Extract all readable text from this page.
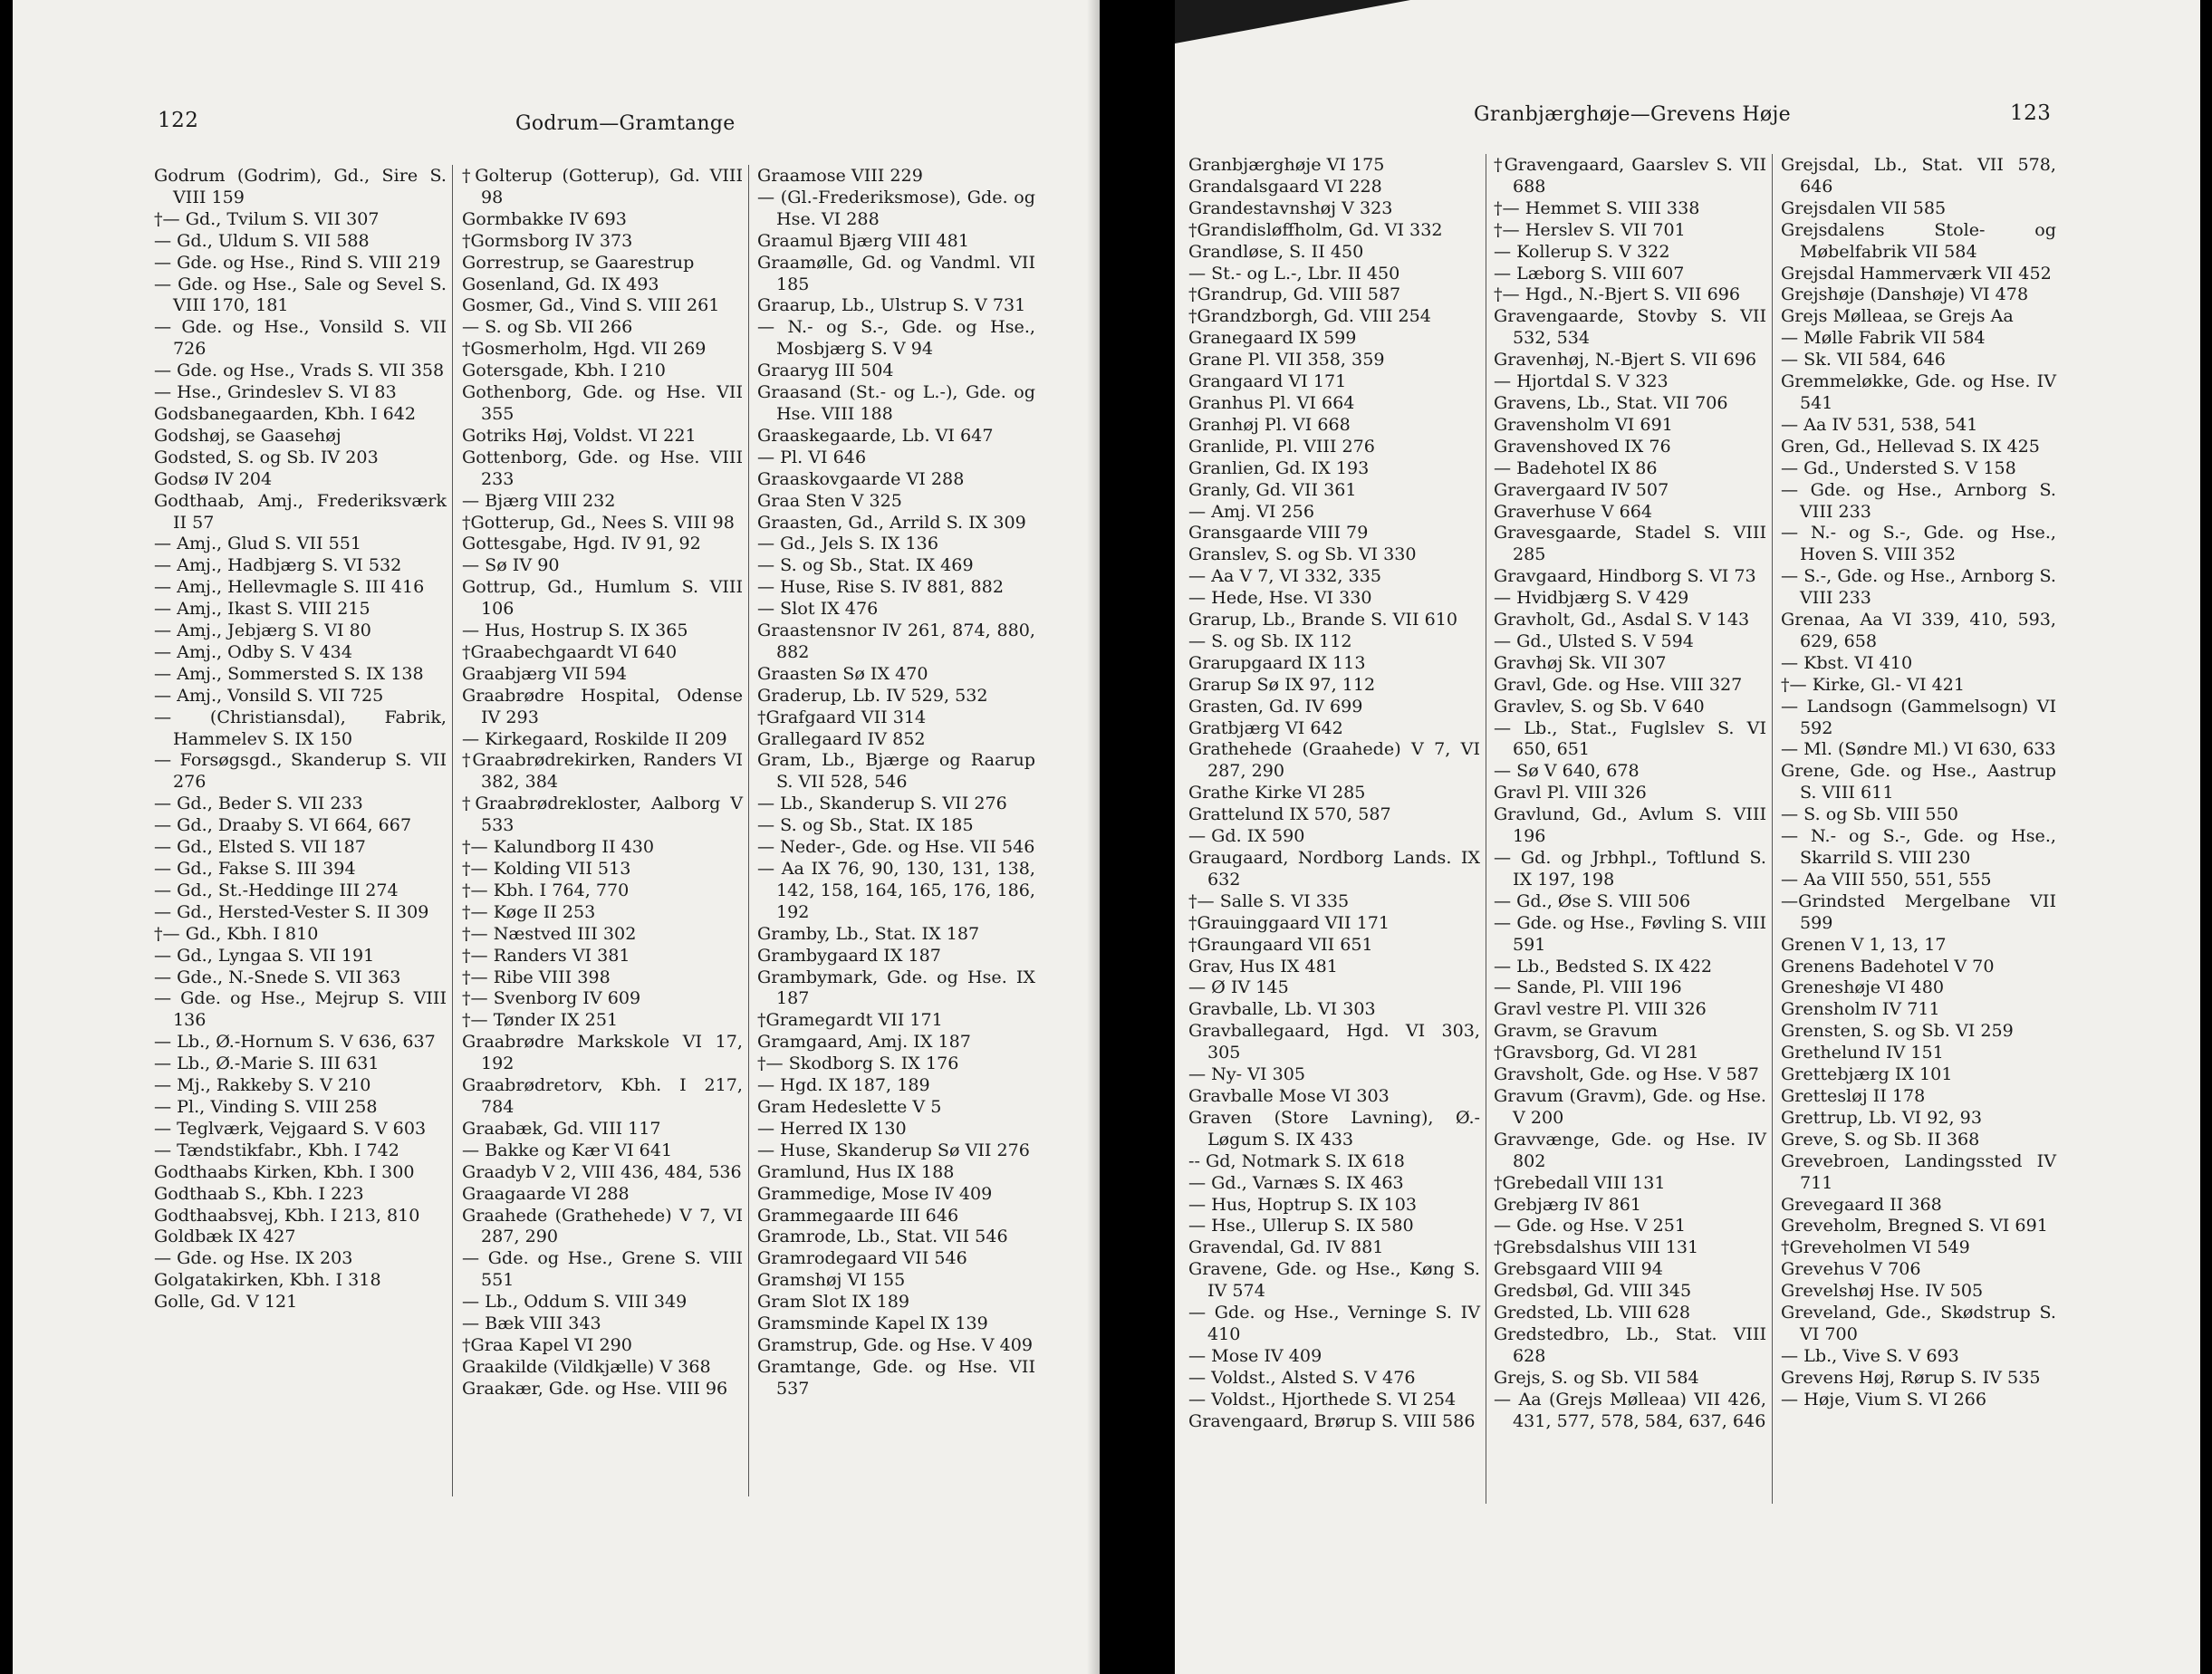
122	Godrum—Gramtange

Godrum (Godrim), Gd., Sire S. VIII 159

†— Gd., Tvilum S. VII 307

— Gd., Uldum S. VII 588

— Gde. og Hse., Rind S. VIII 219

— Gde. og Hse., Sale og Sevel S. VIII 170, 181

— Gde. og Hse., Vonsild S. VII 726

— Gde. og Hse., Vrads S. VII 358

— Hse., Grindeslev S. VI 83

Godsbanegaarden, Kbh. I 642

Godshøj, se Gaasehøj

Godsted, S. og Sb. IV 203

Godsø IV 204

Godthaab, Amj., Frederiksværk II 57

— Amj., Glud S. VII 551

— Amj., Hadbjærg S. VI 532

— Amj., Hellevmagle S. III 416

— Amj., Ikast S. VIII 215

— Amj., Jebjærg S. VI 80

— Amj., Odby S. V 434

— Amj., Sommersted S. IX 138

— Amj., Vonsild S. VII 725

— (Christiansdal), Fabrik, Hammelev S. IX 150

— Forsøgsgd., Skanderup S. VII 276

— Gd., Beder S. VII 233

— Gd., Draaby S. VI 664, 667

— Gd., Elsted S. VII 187

— Gd., Fakse S. III 394

— Gd., St.-Heddinge III 274

— Gd., Hersted-Vester S. II 309

†— Gd., Kbh. I 810

— Gd., Lyngaa S. VII 191

— Gde., N.-Snede S. VII 363

— Gde. og Hse., Mejrup S. VIII 136

— Lb., Ø.-Hornum S. V 636, 637

— Lb., Ø.-Marie S. III 631

— Mj., Rakkeby S. V 210

— Pl., Vinding S. VIII 258

— Teglværk, Vejgaard S. V 603

— Tændstikfabr., Kbh. I 742

Godthaabs Kirken, Kbh. I 300

Godthaab S., Kbh. I 223

Godthaabsvej, Kbh. I 213, 810

Goldbæk IX 427

— Gde. og Hse. IX 203

Golgatakirken, Kbh. I 318

Golle, Gd. V 121

†Golterup (Gotterup), Gd. VIII 98

Gormbakke IV 693

†Gormsborg IV 373

Gorrestrup, se Gaarestrup

Gosenland, Gd. IX 493

Gosmer, Gd., Vind S. VIII 261

— S. og Sb. VII 266

†Gosmerholm, Hgd. VII 269

Gotersgade, Kbh. I 210

Gothenborg, Gde. og Hse. VII 355

Gotriks Høj, Voldst. VI 221

Gottenborg, Gde. og Hse. VIII 233

— Bjærg VIII 232

†Gotterup, Gd., Nees S. VIII 98

Gottesgabe, Hgd. IV 91, 92

— Sø IV 90

Gottrup, Gd., Humlum S. VIII 106

— Hus, Hostrup S. IX 365

†Graabechgaardt VI 640

Graabjærg VII 594

Graabrødre Hospital, Odense IV 293

— Kirkegaard, Roskilde II 209

†Graabrødrekirken, Randers VI 382, 384

†Graabrødrekloster, Aalborg V 533

†— Kalundborg II 430

†— Kolding VII 513

†— Kbh. I 764, 770

†— Køge II 253

†— Næstved III 302

†— Randers VI 381

†— Ribe VIII 398

†— Svenborg IV 609

†— Tønder IX 251

Graabrødre Markskole VI 17, 192

Graabrødretorv, Kbh. I 217, 784

Graabæk, Gd. VIII 117

— Bakke og Kær VI 641

Graadyb V 2, VIII 436, 484, 536

Graagaarde VI 288

Graahede (Grathehede) V 7, VI 287, 290

— Gde. og Hse., Grene S. VIII 551

— Lb., Oddum S. VIII 349

— Bæk VIII 343

†Graa Kapel VI 290

Graakilde (Vildkjælle) V 368

Graakær, Gde. og Hse. VIII 96

Graamose VIII 229

— (Gl.-Frederiksmose), Gde. og Hse. VI 288

Graamul Bjærg VIII 481

Graamølle, Gd. og Vandml. VII 185

Graarup, Lb., Ulstrup S. V 731

— N.- og S.-, Gde. og Hse., Mosbjærg S. V 94

Graaryg III 504

Graasand (St.- og L.-), Gde. og Hse. VIII 188

Graaskegaarde, Lb. VI 647

— Pl. VI 646

Graaskovgaarde VI 288

Graa Sten V 325

Graasten, Gd., Arrild S. IX 309

— Gd., Jels S. IX 136

— S. og Sb., Stat. IX 469

— Huse, Rise S. IV 881, 882

— Slot IX 476

Graastensnor IV 261, 874, 880, 882

Graasten Sø IX 470

Graderup, Lb. IV 529, 532

†Grafgaard VII 314

Grallegaard IV 852

Gram, Lb., Bjærge og Raarup S. VII 528, 546

— Lb., Skanderup S. VII 276

— S. og Sb., Stat. IX 185

— Neder-, Gde. og Hse. VII 546

— Aa IX 76, 90, 130, 131, 138, 142, 158, 164, 165, 176, 186, 192

Gramby, Lb., Stat. IX 187

Grambygaard IX 187

Grambymark, Gde. og Hse. IX 187

†Gramegardt VII 171

Gramgaard, Amj. IX 187

†— Skodborg S. IX 176

— Hgd. IX 187, 189

Gram Hedeslette V 5

— Herred IX 130

— Huse, Skanderup Sø VII 276

Gramlund, Hus IX 188

Grammedige, Mose IV 409

Grammegaarde III 646

Gramrode, Lb., Stat. VII 546

Gramrodegaard VII 546

Gramshøj VI 155

Gram Slot IX 189

Gramsminde Kapel IX 139

Gramstrup, Gde. og Hse. V 409

Gramtange, Gde. og Hse. VII 537

Granbjærghøje—Grevens Høje	123

Granbjærghøje VI 175

Grandalsgaard VI 228

Grandestavnshøj V 323

†Grandisløffholm, Gd. VI 332

Grandløse, S. II 450

— St.- og L.-, Lbr. II 450

†Grandrup, Gd. VIII 587

†Grandzborgh, Gd. VIII 254

Granegaard IX 599

Grane Pl. VII 358, 359

Grangaard VI 171

Granhus Pl. VI 664

Granhøj Pl. VI 668

Granlide, Pl. VIII 276

Granlien, Gd. IX 193

Granly, Gd. VII 361

— Amj. VI 256

Gransgaarde VIII 79

Granslev, S. og Sb. VI 330

— Aa V 7, VI 332, 335

— Hede, Hse. VI 330

Grarup, Lb., Brande S. VII 610

— S. og Sb. IX 112

Grarupgaard IX 113

Grarup Sø IX 97, 112

Grasten, Gd. IV 699

Gratbjærg VI 642

Grathehede (Graahede) V 7, VI 287, 290

Grathe Kirke VI 285

Grattelund IX 570, 587

— Gd. IX 590

Graugaard, Nordborg Lands. IX 632

†— Salle S. VI 335

†Grauinggaard VII 171

†Graungaard VII 651

Grav, Hus IX 481

— Ø IV 145

Gravballe, Lb. VI 303

Gravballegaard, Hgd. VI 303, 305

— Ny- VI 305

Gravballe Mose VI 303

Graven (Store Lavning), Ø.-Løgum S. IX 433

-- Gd, Notmark S. IX 618

— Gd., Varnæs S. IX 463

— Hus, Hoptrup S. IX 103

— Hse., Ullerup S. IX 580

Gravendal, Gd. IV 881

Gravene, Gde. og Hse., Køng S. IV 574

— Gde. og Hse., Verninge S. IV 410

— Mose IV 409

— Voldst., Alsted S. V 476

— Voldst., Hjorthede S. VI 254

Gravengaard, Brørup S. VIII 586

†Gravengaard, Gaarslev S. VII 688

†— Hemmet S. VIII 338

†— Herslev S. VII 701

— Kollerup S. V 322

— Læborg S. VIII 607

†— Hgd., N.-Bjert S. VII 696

Gravengaarde, Stovby S. VII 532, 534

Gravenhøj, N.-Bjert S. VII 696

— Hjortdal S. V 323

Gravens, Lb., Stat. VII 706

Gravensholm VI 691

Gravenshoved IX 76

— Badehotel IX 86

Gravergaard IV 507

Graverhuse V 664

Gravesgaarde, Stadel S. VIII 285

Gravgaard, Hindborg S. VI 73

— Hvidbjærg S. V 429

Gravholt, Gd., Asdal S. V 143

— Gd., Ulsted S. V 594

Gravhøj Sk. VII 307

Gravl, Gde. og Hse. VIII 327

Gravlev, S. og Sb. V 640

— Lb., Stat., Fuglslev S. VI 650, 651

— Sø V 640, 678

Gravl Pl. VIII 326

Gravlund, Gd., Avlum S. VIII 196

— Gd. og Jrbhpl., Toftlund S. IX 197, 198

— Gd., Øse S. VIII 506

— Gde. og Hse., Føvling S. VIII 591

— Lb., Bedsted S. IX 422

— Sande, Pl. VIII 196

Gravl vestre Pl. VIII 326

Gravm, se Gravum

†Gravsborg, Gd. VI 281

Gravsholt, Gde. og Hse. V 587

Gravum (Gravm), Gde. og Hse. V 200

Gravvænge, Gde. og Hse. IV 802

†Grebedall VIII 131

Grebjærg IV 861

— Gde. og Hse. V 251

†Grebsdalshus VIII 131

Grebsgaard VIII 94

Gredsbøl, Gd. VIII 345

Gredsted, Lb. VIII 628

Gredstedbro, Lb., Stat. VIII 628

Grejs, S. og Sb. VII 584

— Aa (Grejs Mølleaa) VII 426, 431, 577, 578, 584, 637, 646

Grejsdal, Lb., Stat. VII 578, 646

Grejsdalen VII 585

Grejsdalens Stole- og Møbelfabrik VII 584

Grejsdal Hammerværk VII 452

Grejshøje (Danshøje) VI 478

Grejs Mølleaa, se Grejs Aa

— Mølle Fabrik VII 584

— Sk. VII 584, 646

Gremmeløkke, Gde. og Hse. IV 541

— Aa IV 531, 538, 541

Gren, Gd., Hellevad S. IX 425

— Gd., Understed S. V 158

— Gde. og Hse., Arnborg S. VIII 233

— N.- og S.-, Gde. og Hse., Hoven S. VIII 352

— S.-, Gde. og Hse., Arnborg S. VIII 233

Grenaa, Aa VI 339, 410, 593, 629, 658

— Kbst. VI 410

†— Kirke, Gl.- VI 421

— Landsogn (Gammelsogn) VI 592

— Ml. (Søndre Ml.) VI 630, 633

Grene, Gde. og Hse., Aastrup S. VIII 611

— S. og Sb. VIII 550

— N.- og S.-, Gde. og Hse., Skarrild S. VIII 230

— Aa VIII 550, 551, 555

—Grindsted Mergelbane VII 599

Grenen V 1, 13, 17

Grenens Badehotel V 70

Greneshøje VI 480

Grensholm IV 711

Grensten, S. og Sb. VI 259

Grethelund IV 151

Grettebjærg IX 101

Grettesløj II 178

Grettrup, Lb. VI 92, 93

Greve, S. og Sb. II 368

Grevebroen, Landingssted IV 711

Grevegaard II 368

Greveholm, Bregned S. VI 691

†Greveholmen VI 549

Grevehus V 706

Grevelshøj Hse. IV 505

Greveland, Gde., Skødstrup S. VI 700

— Lb., Vive S. V 693

Grevens Høj, Rørup S. IV 535

— Høje, Vium S. VI 266
